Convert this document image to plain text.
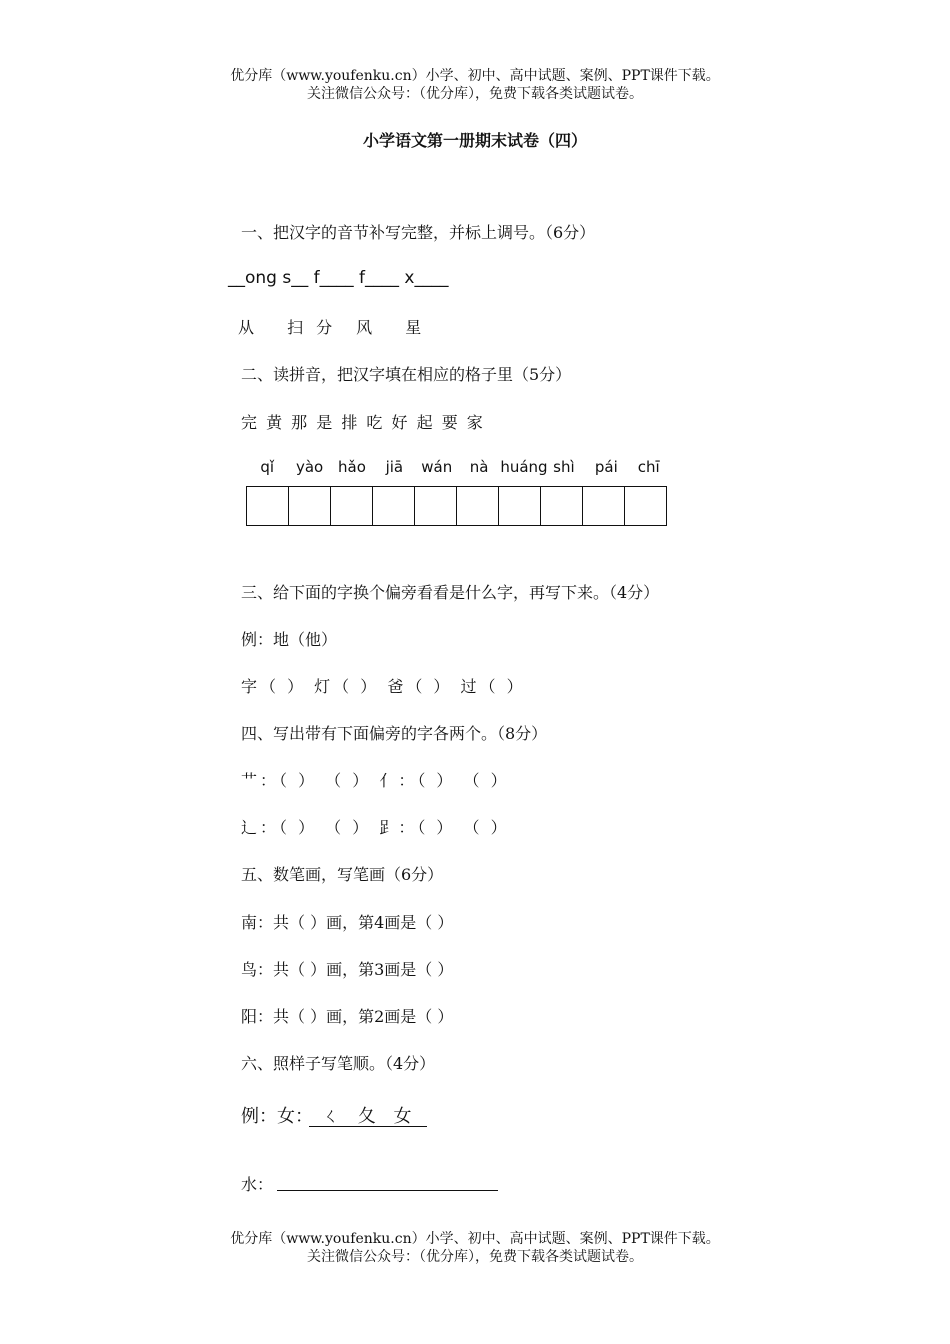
优分库（www.youfenku.cn）小学、初中、高中试题、案例、PPT课件下载。
关注微信公众号：（优分库），免费下载各类试题试卷。
小学语文第一册期末试卷（四）
一、把汉字的音节补写完整，并标上调号。（6分）
__ong s__ f____ f____ x____
从　 扫 分　风　 星
二、读拼音，把汉字填在相应的格子里（5分）
完 黄 那 是 排 吃 好 起 要 家
qǐ	yào hǎo	jiā	wán	nà huáng shì	pái	chī

三、给下面的字换个偏旁看看是什么字，再写下来。（4分）
例：地（他）
字（ ） 灯（ ） 爸（ ） 过（ ）
四、写出带有下面偏旁的字各两个。（8分）
艹：（ ） （ ） 亻：（ ） （ ）
辶：（ ） （ ） 𧾷：（ ） （ ）
五、数笔画，写笔画（6分）
南：共（ ）画，第4画是（ ）
鸟：共（ ）画，第3画是（ ）
阳：共（ ）画，第2画是（ ）
六、照样子写笔顺。（4分）
例：女： ㄑ 夂 女
水：
优分库（www.youfenku.cn）小学、初中、高中试题、案例、PPT课件下载。
关注微信公众号：（优分库），免费下载各类试题试卷。
